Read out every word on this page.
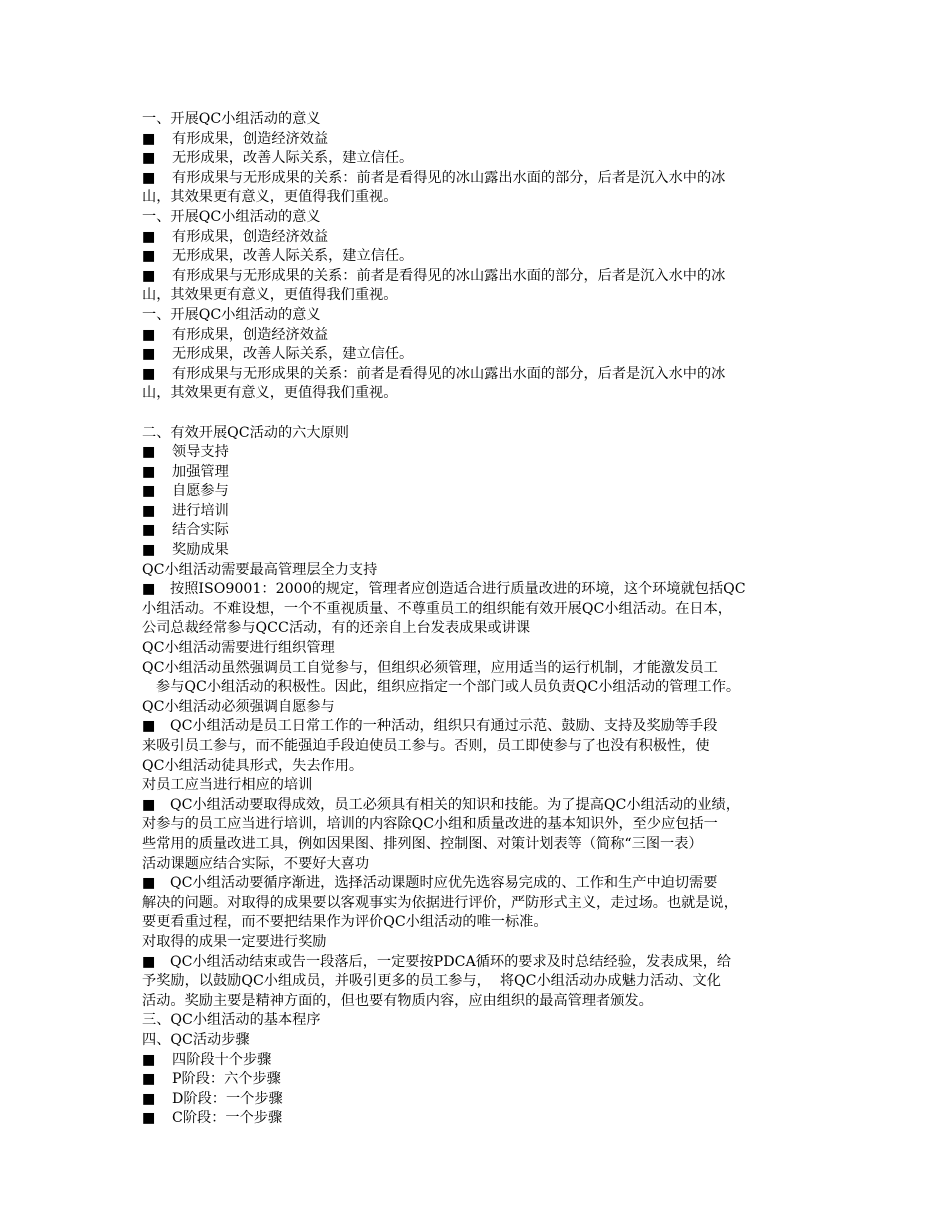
一、开展QC小组活动的意义
■ 有形成果，创造经济效益
■ 无形成果，改善人际关系，建立信任。
■ 有形成果与无形成果的关系：前者是看得见的冰山露出水面的部分，后者是沉入水中的冰
山，其效果更有意义，更值得我们重视。
一、开展QC小组活动的意义
■ 有形成果，创造经济效益
■ 无形成果，改善人际关系，建立信任。
■ 有形成果与无形成果的关系：前者是看得见的冰山露出水面的部分，后者是沉入水中的冰
山，其效果更有意义，更值得我们重视。
一、开展QC小组活动的意义
■ 有形成果，创造经济效益
■ 无形成果，改善人际关系，建立信任。
■ 有形成果与无形成果的关系：前者是看得见的冰山露出水面的部分，后者是沉入水中的冰
山，其效果更有意义，更值得我们重视。
二、有效开展QC活动的六大原则
■ 领导支持
■ 加强管理
■ 自愿参与
■ 进行培训
■ 结合实际
■ 奖励成果
QC小组活动需要最高管理层全力支持
■ 按照ISO9001：2000的规定，管理者应创造适合进行质量改进的环境，这个环境就包括QC
小组活动。不难设想，一个不重视质量、不尊重员工的组织能有效开展QC小组活动。在日本，
公司总裁经常参与QCC活动，有的还亲自上台发表成果或讲课
QC小组活动需要进行组织管理
QC小组活动虽然强调员工自觉参与，但组织必须管理，应用适当的运行机制，才能激发员工
参与QC小组活动的积极性。因此，组织应指定一个部门或人员负责QC小组活动的管理工作。
QC小组活动必须强调自愿参与
■ QC小组活动是员工日常工作的一种活动，组织只有通过示范、鼓励、支持及奖励等手段
来吸引员工参与，而不能强迫手段迫使员工参与。否则，员工即使参与了也没有积极性，使
QC小组活动徒具形式，失去作用。
对员工应当进行相应的培训
■ QC小组活动要取得成效，员工必须具有相关的知识和技能。为了提高QC小组活动的业绩，
对参与的员工应当进行培训，培训的内容除QC小组和质量改进的基本知识外，至少应包括一
些常用的质量改进工具，例如因果图、排列图、控制图、对策计划表等（简称“三图一表）
活动课题应结合实际，不要好大喜功
■ QC小组活动要循序渐进，选择活动课题时应优先选容易完成的、工作和生产中迫切需要
解决的问题。对取得的成果要以客观事实为依据进行评价，严防形式主义，走过场。也就是说，
要更看重过程，而不要把结果作为评价QC小组活动的唯一标准。
对取得的成果一定要进行奖励
■ QC小组活动结束或告一段落后，一定要按PDCA循环的要求及时总结经验，发表成果，给
予奖励，以鼓励QC小组成员，并吸引更多的员工参与，  将QC小组活动办成魅力活动、文化
活动。奖励主要是精神方面的，但也要有物质内容，应由组织的最高管理者颁发。
三、QC小组活动的基本程序
四、QC活动步骤
■ 四阶段十个步骤
■ P阶段：六个步骤
■ D阶段：一个步骤
■ C阶段：一个步骤
